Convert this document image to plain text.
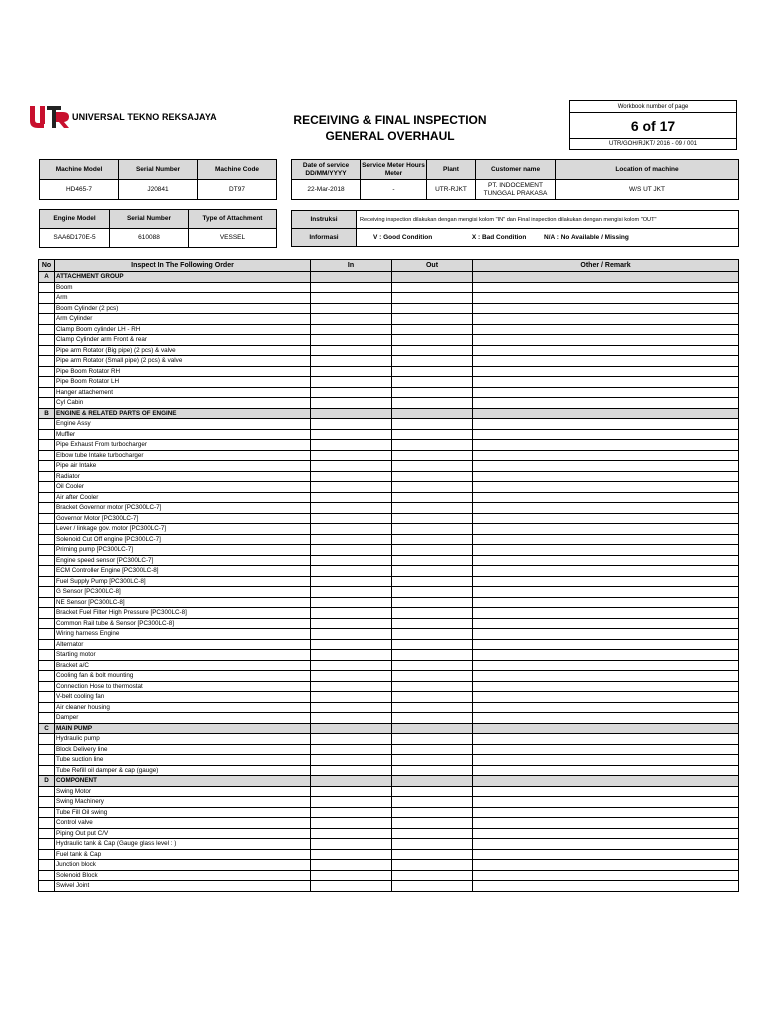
UNIVERSAL TEKNO REKSAJAYA	RECEIVING & FINAL INSPECTION
GENERAL OVERHAUL
Workbook number of page
6 of 17
UTR/GOH/RJKT/ 2016 - 09 / 001
Machine Model	Serial Number	Machine Code
HD465-7	J20841	DT97
Date of service DD/MM/YYYY	Service Meter Hours Meter	Plant	Customer name	Location of machine
22-Mar-2018	-	UTR-RJKT	PT. INDOCEMENT TUNGGAL PRAKASA	W/S UT JKT
Engine Model	Serial Number	Type of Attachment
SAA6D170E-5	610088	VESSEL
Instruksi	Receiving inspection dilakukan dengan mengisi kolom "IN" dan Final inspection dilakukan dengan mengisi kolom "OUT"
Informasi	V : Good Condition X : Bad Condition N/A : No Available / Missing
No	Inspect In The Following Order	In	Out	Other / Remark
A	ATTACHMENT GROUP			
	Boom			
	Arm			
	Boom Cylinder (2 pcs)			
	Arm Cylinder			
	Clamp Boom cylinder LH - RH			
	Clamp Cylinder arm Front & rear			
	Pipe arm Rotator (Big pipe) (2 pcs) & valve			
	Pipe arm Rotator (Small pipe) (2 pcs) & valve			
	Pipe Boom Rotator RH			
	Pipe Boom Rotator LH			
	Hanger attachement			
	Cyl Cabin			
B	ENGINE & RELATED PARTS OF ENGINE			
	Engine Assy			
	Muffler			
	Pipe Exhaust From turbocharger			
	Elbow tube Intake turbocharger			
	Pipe air Intake			
	Radiator			
	Oil Cooler			
	Air after Cooler			
	Bracket Governor motor [PC300LC-7]			
	Governor Motor [PC300LC-7]			
	Lever / linkage gov. motor [PC300LC-7]			
	Solenoid Cut Off engine [PC300LC-7]			
	Priming pump [PC300LC-7]			
	Engine speed sensor [PC300LC-7]			
	ECM Controller Engine [PC300LC-8]			
	Fuel Supply Pump [PC300LC-8]			
	G Sensor [PC300LC-8]			
	NE Sensor [PC300LC-8]			
	Bracket Fuel Filter High Pressure [PC300LC-8]			
	Common Rail tube & Sensor [PC300LC-8]			
	Wiring harness Engine			
	Alternator			
	Starting motor			
	Bracket a/C			
	Cooling fan & bolt mounting			
	Connection Hose to thermostat			
	V-belt cooling fan			
	Air cleaner housing			
	Damper			
C	MAIN PUMP			
	Hydraulic pump			
	Block Delivery line			
	Tube suction line			
	Tube Refill oil damper & cap (gauge)			
D	COMPONENT			
	Swing Motor			
	Swing Machinery			
	Tube Fill Oil swing			
	Control valve			
	Piping Out put C/V			
	Hydraulic tank & Cap (Gauge glass level : )			
	Fuel tank & Cap			
	Junction block			
	Solenoid Block			
	Swivel Joint			
